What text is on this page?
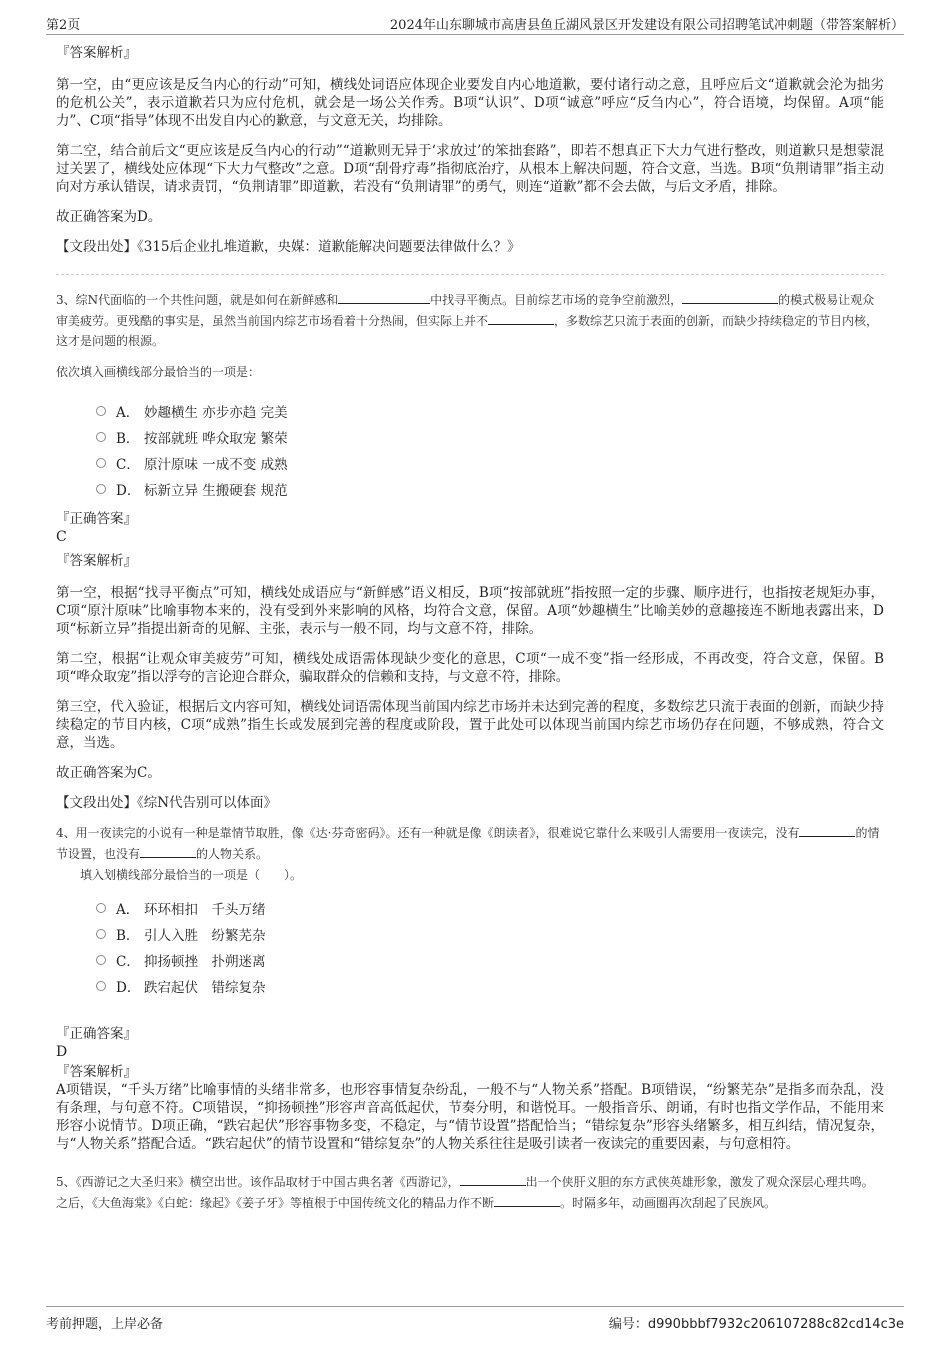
第2页	2024年山东聊城市高唐县鱼丘湖风景区开发建设有限公司招聘笔试冲刺题（带答案解析）

『答案解析』

第一空，由“更应该是反刍内心的行动”可知，横线处词语应体现企业要发自内心地道歉，要付诸行动之意，且呼应后文“道歉就会沦为拙劣的危机公关”，表示道歉若只为应付危机，就会是一场公关作秀。B项“认识”、D项“诚意”呼应“反刍内心”，符合语境，均保留。A项“能力”、C项“指导”体现不出发自内心的歉意，与文意无关，均排除。

第二空，结合前后文“更应该是反刍内心的行动”“道歉则无异于‘求放过’的笨拙套路”，即若不想真正下大力气进行整改，则道歉只是想蒙混过关罢了，横线处应体现“下大力气整改”之意。D项“刮骨疗毒”指彻底治疗，从根本上解决问题，符合文意，当选。B项“负荆请罪”指主动向对方承认错误，请求责罚，“负荆请罪”即道歉，若没有“负荆请罪”的勇气，则连“道歉”都不会去做，与后文矛盾，排除。

故正确答案为D。

【文段出处】《315后企业扎堆道歉，央媒：道歉能解决问题要法律做什么？》

3、综N代面临的一个共性问题，就是如何在新鲜感和	中找寻平衡点。目前综艺市场的竞争空前激烈，	的模式极易让观众审美疲劳。更残酷的事实是，虽然当前国内综艺市场看着十分热闹，但实际上并不	，多数综艺只流于表面的创新，而缺少持续稳定的节目内核，这才是问题的根源。

依次填入画横线部分最恰当的一项是：

A． 妙趣横生 亦步亦趋 完美
B． 按部就班 哗众取宠 繁荣
C． 原汁原味 一成不变 成熟
D． 标新立异 生搬硬套 规范

『正确答案』

C

『答案解析』

第一空，根据“找寻平衡点”可知，横线处成语应与“新鲜感”语义相反，B项“按部就班”指按照一定的步骤、顺序进行，也指按老规矩办事，C项“原汁原味”比喻事物本来的，没有受到外来影响的风格，均符合文意，保留。A项“妙趣横生”比喻美妙的意趣接连不断地表露出来，D项“标新立异”指提出新奇的见解、主张，表示与一般不同，均与文意不符，排除。

第二空，根据“让观众审美疲劳”可知，横线处成语需体现缺少变化的意思，C项“一成不变”指一经形成，不再改变，符合文意，保留。B项“哗众取宠”指以浮夸的言论迎合群众，骗取群众的信赖和支持，与文意不符，排除。

第三空，代入验证，根据后文内容可知，横线处词语需体现当前国内综艺市场并未达到完善的程度，多数综艺只流于表面的创新，而缺少持续稳定的节目内核，C项“成熟”指生长或发展到完善的程度或阶段，置于此处可以体现当前国内综艺市场仍存在问题，不够成熟，符合文意，当选。

故正确答案为C。

【文段出处】《综N代告别可以体面》

4、用一夜读完的小说有一种是靠情节取胜，像《达·芬奇密码》。还有一种就是像《朗读者》，很难说它靠什么来吸引人需要用一夜读完，没有	的情节设置，也没有	的人物关系。

填入划横线部分最恰当的一项是（　　）。

A． 环环相扣　千头万绪
B． 引人入胜　纷繁芜杂
C． 抑扬顿挫　扑朔迷离
D． 跌宕起伏　错综复杂

『正确答案』

D

『答案解析』

A项错误，“千头万绪”比喻事情的头绪非常多，也形容事情复杂纷乱，一般不与“人物关系”搭配。B项错误，“纷繁芜杂”是指多而杂乱，没有条理，与句意不符。C项错误，“抑扬顿挫”形容声音高低起伏，节奏分明，和谐悦耳。一般指音乐、朗诵，有时也指文学作品，不能用来形容小说情节。D项正确，“跌宕起伏”形容事物多变，不稳定，与“情节设置”搭配恰当；“错综复杂”形容头绪繁多，相互纠结，情况复杂，与“人物关系”搭配合适。“跌宕起伏”的情节设置和“错综复杂”的人物关系往往是吸引读者一夜读完的重要因素，与句意相符。

5、《西游记之大圣归来》横空出世。该作品取材于中国古典名著《西游记》，	出一个侠肝义胆的东方武侠英雄形象，激发了观众深层心理共鸣。之后，《大鱼海棠》《白蛇：缘起》《姜子牙》等植根于中国传统文化的精品力作不断	。时隔多年，动画圈再次刮起了民族风。

考前押题，上岸必备	编号：d990bbbf7932c206107288c82cd14c3e
